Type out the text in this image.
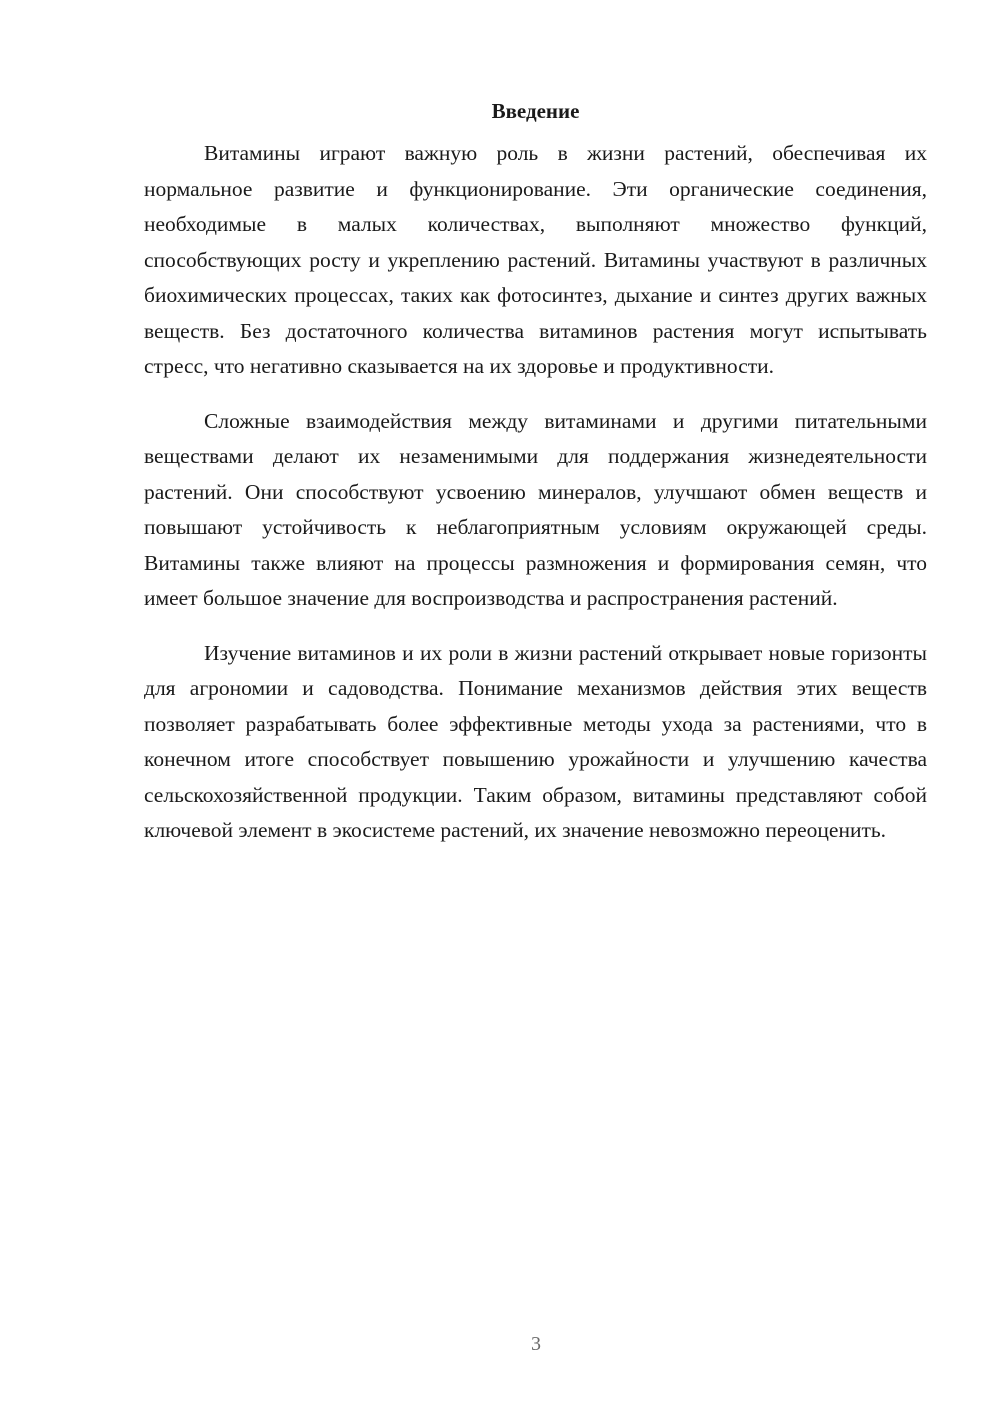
Введение

Витамины играют важную роль в жизни растений, обеспечивая их нормальное развитие и функционирование. Эти органические соединения, необходимые в малых количествах, выполняют множество функций, способствующих росту и укреплению растений. Витамины участвуют в различных биохимических процессах, таких как фотосинтез, дыхание и синтез других важных веществ. Без достаточного количества витаминов растения могут испытывать стресс, что негативно сказывается на их здоровье и продуктивности.

Сложные взаимодействия между витаминами и другими питательными веществами делают их незаменимыми для поддержания жизнедеятельности растений. Они способствуют усвоению минералов, улучшают обмен веществ и повышают устойчивость к неблагоприятным условиям окружающей среды. Витамины также влияют на процессы размножения и формирования семян, что имеет большое значение для воспроизводства и распространения растений.

Изучение витаминов и их роли в жизни растений открывает новые горизонты для агрономии и садоводства. Понимание механизмов действия этих веществ позволяет разрабатывать более эффективные методы ухода за растениями, что в конечном итоге способствует повышению урожайности и улучшению качества сельскохозяйственной продукции. Таким образом, витамины представляют собой ключевой элемент в экосистеме растений, их значение невозможно переоценить.

3
